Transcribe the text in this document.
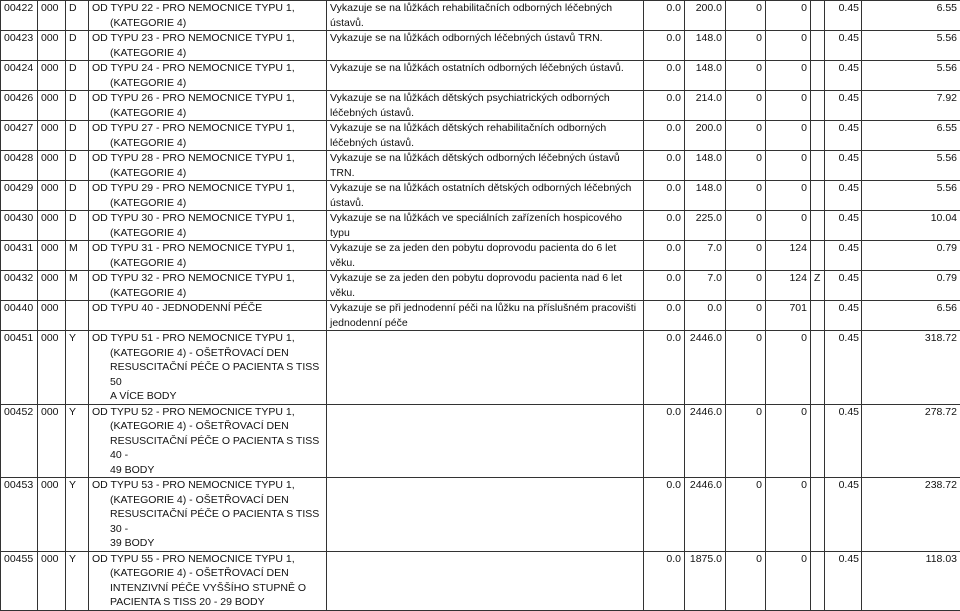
00422	000	D	OD TYPU 22 - PRO NEMOCNICE TYPU 1,
(KATEGORIE 4)	Vykazuje se na lůžkách rehabilitačních odborných léčebných ústavů.	0.0	200.0	0	0		0.45	6.55
00423	000	D	OD TYPU 23 - PRO NEMOCNICE TYPU 1,
(KATEGORIE 4)	Vykazuje se na lůžkách odborných léčebných ústavů TRN.	0.0	148.0	0	0		0.45	5.56
00424	000	D	OD TYPU 24 - PRO NEMOCNICE TYPU 1,
(KATEGORIE 4)	Vykazuje se na lůžkách ostatních odborných léčebných ústavů.	0.0	148.0	0	0		0.45	5.56
00426	000	D	OD TYPU 26 - PRO NEMOCNICE TYPU 1,
(KATEGORIE 4)	Vykazuje se na lůžkách dětských psychiatrických odborných léčebných ústavů.	0.0	214.0	0	0		0.45	7.92
00427	000	D	OD TYPU 27 - PRO NEMOCNICE TYPU 1,
(KATEGORIE 4)	Vykazuje se na lůžkách dětských rehabilitačních odborných léčebných ústavů.	0.0	200.0	0	0		0.45	6.55
00428	000	D	OD TYPU 28 - PRO NEMOCNICE TYPU 1,
(KATEGORIE 4)	Vykazuje se na lůžkách dětských odborných léčebných ústavů TRN.	0.0	148.0	0	0		0.45	5.56
00429	000	D	OD TYPU 29 - PRO NEMOCNICE TYPU 1,
(KATEGORIE 4)	Vykazuje se na lůžkách ostatních dětských odborných léčebných ústavů.	0.0	148.0	0	0		0.45	5.56
00430	000	D	OD TYPU 30 - PRO NEMOCNICE TYPU 1,
(KATEGORIE 4)	Vykazuje se na lůžkách ve speciálních zařízeních hospicového typu	0.0	225.0	0	0		0.45	10.04
00431	000	M	OD TYPU 31 - PRO NEMOCNICE TYPU 1,
(KATEGORIE 4)	Vykazuje se za jeden den pobytu doprovodu pacienta do 6 let věku.	0.0	7.0	0	124		0.45	0.79
00432	000	M	OD TYPU 32 - PRO NEMOCNICE TYPU 1,
(KATEGORIE 4)	Vykazuje se za jeden den pobytu doprovodu pacienta nad 6 let věku.	0.0	7.0	0	124	Z	0.45	0.79
00440	000		OD TYPU 40 - JEDNODENNÍ PÉČE	Vykazuje se při jednodenní péči na lůžku na příslušném pracovišti jednodenní péče	0.0	0.0	0	701		0.45	6.56
00451	000	Y	OD TYPU 51 - PRO NEMOCNICE TYPU 1,
(KATEGORIE 4) - OŠETŘOVACÍ DEN
RESUSCITAČNÍ PÉČE O PACIENTA S TISS 50
A VÍCE BODY		0.0	2446.0	0	0		0.45	318.72
00452	000	Y	OD TYPU 52 - PRO NEMOCNICE TYPU 1,
(KATEGORIE 4) - OŠETŘOVACÍ DEN
RESUSCITAČNÍ PÉČE O PACIENTA S TISS 40 -
49 BODY		0.0	2446.0	0	0		0.45	278.72
00453	000	Y	OD TYPU 53 - PRO NEMOCNICE TYPU 1,
(KATEGORIE 4) - OŠETŘOVACÍ DEN
RESUSCITAČNÍ PÉČE O PACIENTA S TISS 30 -
39 BODY		0.0	2446.0	0	0		0.45	238.72
00455	000	Y	OD TYPU 55 - PRO NEMOCNICE TYPU 1,
(KATEGORIE 4) - OŠETŘOVACÍ DEN
INTENZIVNÍ PÉČE VYŠŠÍHO STUPNĚ O
PACIENTA S TISS 20 - 29 BODY		0.0	1875.0	0	0		0.45	118.03
